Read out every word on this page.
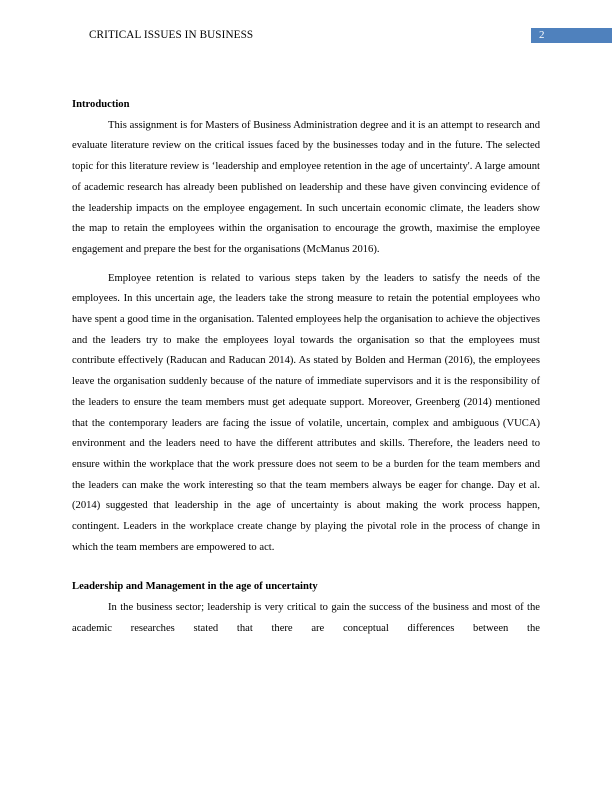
CRITICAL ISSUES IN BUSINESS	2

Introduction

This assignment is for Masters of Business Administration degree and it is an attempt to research and evaluate literature review on the critical issues faced by the businesses today and in the future. The selected topic for this literature review is ‘leadership and employee retention in the age of uncertainty'. A large amount of academic research has already been published on leadership and these have given convincing evidence of the leadership impacts on the employee engagement. In such uncertain economic climate, the leaders show the map to retain the employees within the organisation to encourage the growth, maximise the employee engagement and prepare the best for the organisations (McManus 2016).

Employee retention is related to various steps taken by the leaders to satisfy the needs of the employees. In this uncertain age, the leaders take the strong measure to retain the potential employees who have spent a good time in the organisation. Talented employees help the organisation to achieve the objectives and the leaders try to make the employees loyal towards the organisation so that the employees must contribute effectively (Raducan and Raducan 2014). As stated by Bolden and Herman (2016), the employees leave the organisation suddenly because of the nature of immediate supervisors and it is the responsibility of the leaders to ensure the team members must get adequate support. Moreover, Greenberg (2014) mentioned that the contemporary leaders are facing the issue of volatile, uncertain, complex and ambiguous (VUCA) environment and the leaders need to have the different attributes and skills. Therefore, the leaders need to ensure within the workplace that the work pressure does not seem to be a burden for the team members and the leaders can make the work interesting so that the team members always be eager for change. Day et al. (2014) suggested that leadership in the age of uncertainty is about making the work process happen, contingent. Leaders in the workplace create change by playing the pivotal role in the process of change in which the team members are empowered to act.

Leadership and Management in the age of uncertainty

In the business sector; leadership is very critical to gain the success of the business and most of the academic researches stated that there are conceptual differences between the
